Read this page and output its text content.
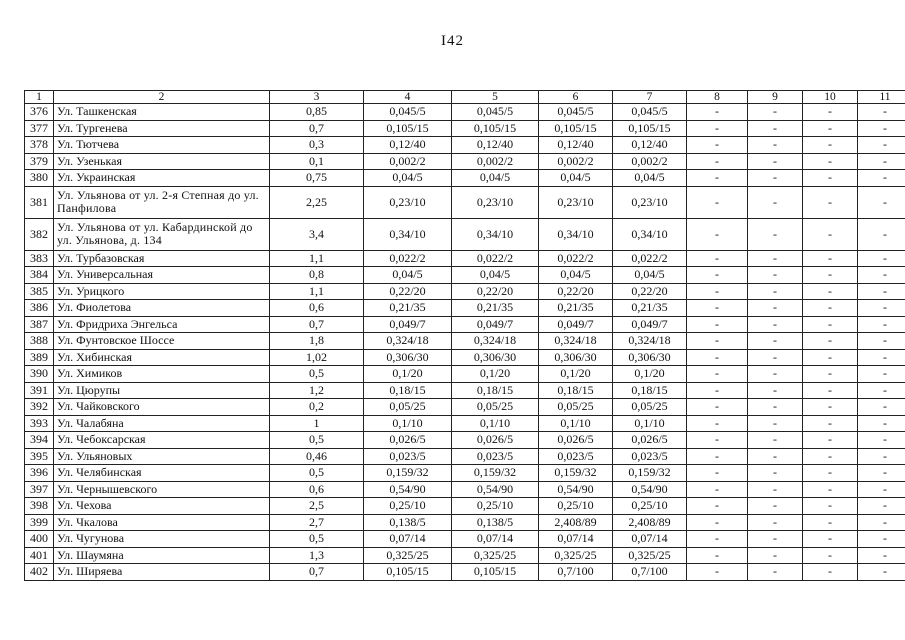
I42
1	2	3	4	5	6	7	8	9	10	11
376	Ул. Ташкенская	0,85	0,045/5	0,045/5	0,045/5	0,045/5	-	-	-	-
377	Ул. Тургенева	0,7	0,105/15	0,105/15	0,105/15	0,105/15	-	-	-	-
378	Ул. Тютчева	0,3	0,12/40	0,12/40	0,12/40	0,12/40	-	-	-	-
379	Ул. Узенькая	0,1	0,002/2	0,002/2	0,002/2	0,002/2	-	-	-	-
380	Ул. Украинская	0,75	0,04/5	0,04/5	0,04/5	0,04/5	-	-	-	-
381	Ул. Ульянова от ул. 2-я Степная до ул. Панфилова	2,25	0,23/10	0,23/10	0,23/10	0,23/10	-	-	-	-
382	Ул. Ульянова от ул. Кабардинской до ул. Ульянова, д. 134	3,4	0,34/10	0,34/10	0,34/10	0,34/10	-	-	-	-
383	Ул. Турбазовская	1,1	0,022/2	0,022/2	0,022/2	0,022/2	-	-	-	-
384	Ул. Универсальная	0,8	0,04/5	0,04/5	0,04/5	0,04/5	-	-	-	-
385	Ул. Урицкого	1,1	0,22/20	0,22/20	0,22/20	0,22/20	-	-	-	-
386	Ул. Фиолетова	0,6	0,21/35	0,21/35	0,21/35	0,21/35	-	-	-	-
387	Ул. Фридриха Энгельса	0,7	0,049/7	0,049/7	0,049/7	0,049/7	-	-	-	-
388	Ул. Фунтовское Шоссе	1,8	0,324/18	0,324/18	0,324/18	0,324/18	-	-	-	-
389	Ул. Хибинская	1,02	0,306/30	0,306/30	0,306/30	0,306/30	-	-	-	-
390	Ул. Химиков	0,5	0,1/20	0,1/20	0,1/20	0,1/20	-	-	-	-
391	Ул. Цюрупы	1,2	0,18/15	0,18/15	0,18/15	0,18/15	-	-	-	-
392	Ул. Чайковского	0,2	0,05/25	0,05/25	0,05/25	0,05/25	-	-	-	-
393	Ул. Чалабяна	1	0,1/10	0,1/10	0,1/10	0,1/10	-	-	-	-
394	Ул. Чебоксарская	0,5	0,026/5	0,026/5	0,026/5	0,026/5	-	-	-	-
395	Ул. Ульяновых	0,46	0,023/5	0,023/5	0,023/5	0,023/5	-	-	-	-
396	Ул. Челябинская	0,5	0,159/32	0,159/32	0,159/32	0,159/32	-	-	-	-
397	Ул. Чернышевского	0,6	0,54/90	0,54/90	0,54/90	0,54/90	-	-	-	-
398	Ул. Чехова	2,5	0,25/10	0,25/10	0,25/10	0,25/10	-	-	-	-
399	Ул. Чкалова	2,7	0,138/5	0,138/5	2,408/89	2,408/89	-	-	-	-
400	Ул. Чугунова	0,5	0,07/14	0,07/14	0,07/14	0,07/14	-	-	-	-
401	Ул. Шаумяна	1,3	0,325/25	0,325/25	0,325/25	0,325/25	-	-	-	-
402	Ул. Ширяева	0,7	0,105/15	0,105/15	0,7/100	0,7/100	-	-	-	-
